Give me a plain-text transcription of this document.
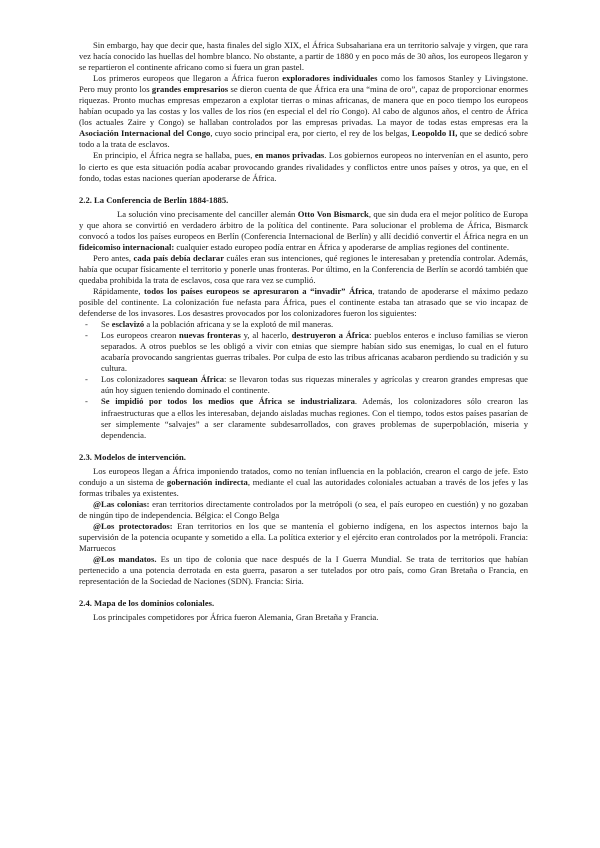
Sin embargo, hay que decir que, hasta finales del siglo XIX, el África Subsahariana era un territorio salvaje y virgen, que rara vez hacía conocido las huellas del hombre blanco. No obstante, a partir de 1880 y en poco más de 30 años, los europeos llegaron y se repartieron el continente africano como si fuera un gran pastel.

Los primeros europeos que llegaron a África fueron exploradores individuales como los famosos Stanley y Livingstone. Pero muy pronto los grandes empresarios se dieron cuenta de que África era una “mina de oro”, capaz de proporcionar enormes riquezas. Pronto muchas empresas empezaron a explotar tierras o minas africanas, de manera que en poco tiempo los europeos habían ocupado ya las costas y los valles de los ríos (en especial el del río Congo). Al cabo de algunos años, el centro de África (los actuales Zaire y Congo) se hallaban controlados por las empresas privadas. La mayor de todas estas empresas era la Asociación Internacional del Congo, cuyo socio principal era, por cierto, el rey de los belgas, Leopoldo II, que se dedicó sobre todo a la trata de esclavos.

En principio, el África negra se hallaba, pues, en manos privadas. Los gobiernos europeos no intervenían en el asunto, pero lo cierto es que esta situación podía acabar provocando grandes rivalidades y conflictos entre unos países y otros, ya que, en el fondo, todas estas naciones querían apoderarse de África.

2.2. La Conferencia de Berlín 1884-1885.

La solución vino precisamente del canciller alemán Otto Von Bismarck, que sin duda era el mejor político de Europa y que ahora se convirtió en verdadero árbitro de la política del continente. Para solucionar el problema de África, Bismarck convocó a todos los países europeos en Berlín (Conferencia Internacional de Berlín) y allí decidió convertir el África negra en un fideicomiso internacional: cualquier estado europeo podía entrar en África y apoderarse de amplias regiones del continente.

Pero antes, cada país debía declarar cuáles eran sus intenciones, qué regiones le interesaban y pretendía controlar. Además, había que ocupar físicamente el territorio y ponerle unas fronteras. Por último, en la Conferencia de Berlín se acordó también que quedaba prohibida la trata de esclavos, cosa que rara vez se cumplió.

Rápidamente, todos los países europeos se apresuraron a “invadir” África, tratando de apoderarse el máximo pedazo posible del continente. La colonización fue nefasta para África, pues el continente estaba tan atrasado que se vio incapaz de defenderse de los invasores. Los desastres provocados por los colonizadores fueron los siguientes:

- Se esclavizó a la población africana y se la explotó de mil maneras.
- Los europeos crearon nuevas fronteras y, al hacerlo, destruyeron a África: pueblos enteros e incluso familias se vieron separados. A otros pueblos se les obligó a vivir con etnias que siempre habían sido sus enemigas, lo cual en el futuro acabaría provocando sangrientas guerras tribales. Por culpa de esto las tribus africanas acabaron perdiendo su tradición y su cultura.
- Los colonizadores saquean África: se llevaron todas sus riquezas minerales y agrícolas y crearon grandes empresas que aún hoy siguen teniendo dominado el continente.
- Se impidió por todos los medios que África se industrializara. Además, los colonizadores sólo crearon las infraestructuras que a ellos les interesaban, dejando aisladas muchas regiones. Con el tiempo, todos estos países pasarían de ser simplemente “salvajes” a ser claramente subdesarrollados, con graves problemas de superpoblación, miseria y dependencia.

2.3. Modelos de intervención.

Los europeos llegan a África imponiendo tratados, como no tenían influencia en la población, crearon el cargo de jefe. Esto condujo a un sistema de gobernación indirecta, mediante el cual las autoridades coloniales actuaban a través de los jefes y las formas tribales ya existentes.

@Las colonias: eran territorios directamente controlados por la metrópoli (o sea, el país europeo en cuestión) y no gozaban de ningún tipo de independencia. Bélgica: el Congo Belga

@Los protectorados: Eran territorios en los que se mantenía el gobierno indígena, en los aspectos internos bajo la supervisión de la potencia ocupante y sometido a ella. La política exterior y el ejército eran controlados por la metrópoli. Francia: Marruecos

@Los mandatos. Es un tipo de colonia que nace después de la I Guerra Mundial. Se trata de territorios que habían pertenecido a una potencia derrotada en esta guerra, pasaron a ser tutelados por otro país, como Gran Bretaña o Francia, en representación de la Sociedad de Naciones (SDN). Francia: Siria.

2.4. Mapa de los dominios coloniales.

Los principales competidores por África fueron Alemania, Gran Bretaña y Francia.
